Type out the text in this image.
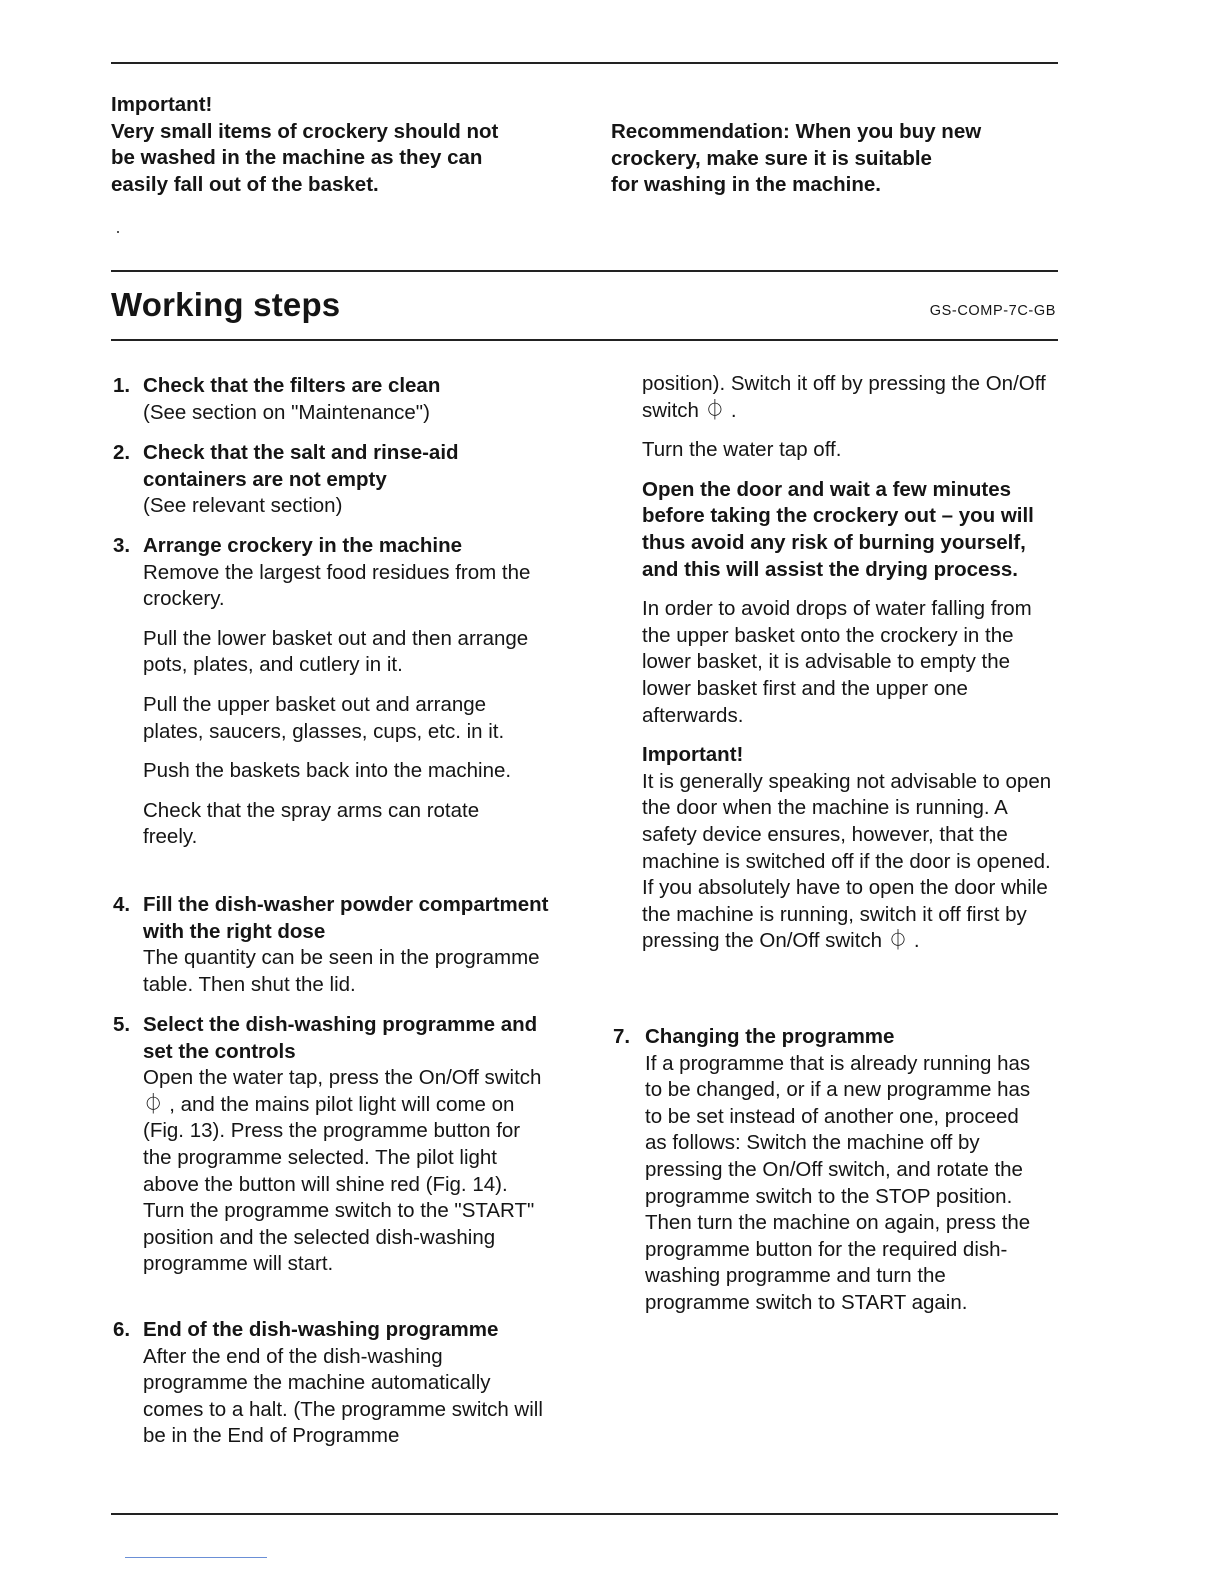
Important!

Very small items of crockery should not

be washed in the machine as they can

easily fall out of the basket.

Recommendation: When you buy new

crockery, make sure it is suitable

for washing in the machine.

Working steps	GS-COMP-7C-GB
1. Check that the filters are clean

(See section on "Maintenance")

2. Check that the salt and rinse-aid containers are not empty

(See relevant section)

3. Arrange crockery in the machine

Remove the largest food residues from the crockery.

Pull the lower basket out and then arrange pots, plates, and cutlery in it.

Pull the upper basket out and arrange plates, saucers, glasses, cups, etc. in it.

Push the baskets back into the machine.

Check that the spray arms can rotate freely.

4. Fill the dish-washer powder compartment with the right dose

The quantity can be seen in the programme table. Then shut the lid.

5. Select the dish-washing programme and set the controls

Open the water tap, press the On/Off switch ⏀ , and the mains pilot light will come on (Fig. 13). Press the programme button for the programme selected. The pilot light above the button will shine red (Fig. 14). Turn the programme switch to the "START" position and the selected dish-washing programme will start.

6. End of the dish-washing programme

After the end of the dish-washing programme the machine automatically comes to a halt. (The programme switch will be in the End of Programme

position). Switch it off by pressing the On/Off switch ⏀ .

Turn the water tap off.

Open the door and wait a few minutes before taking the crockery out – you will thus avoid any risk of burning yourself, and this will assist the drying process.

In order to avoid drops of water falling from the upper basket onto the crockery in the lower basket, it is advisable to empty the lower basket first and the upper one afterwards.

Important!

It is generally speaking not advisable to open the door when the machine is running. A safety device ensures, however, that the machine is switched off if the door is opened. If you absolutely have to open the door while the machine is running, switch it off first by pressing the On/Off switch ⏀ .

7. Changing the programme
If a programme that is already running has to be changed, or if a new programme has to be set instead of another one, proceed as follows: Switch the machine off by pressing the On/Off switch, and rotate the programme switch to the STOP position. Then turn the machine on again, press the programme button for the required dish-washing programme and turn the programme switch to START again.
